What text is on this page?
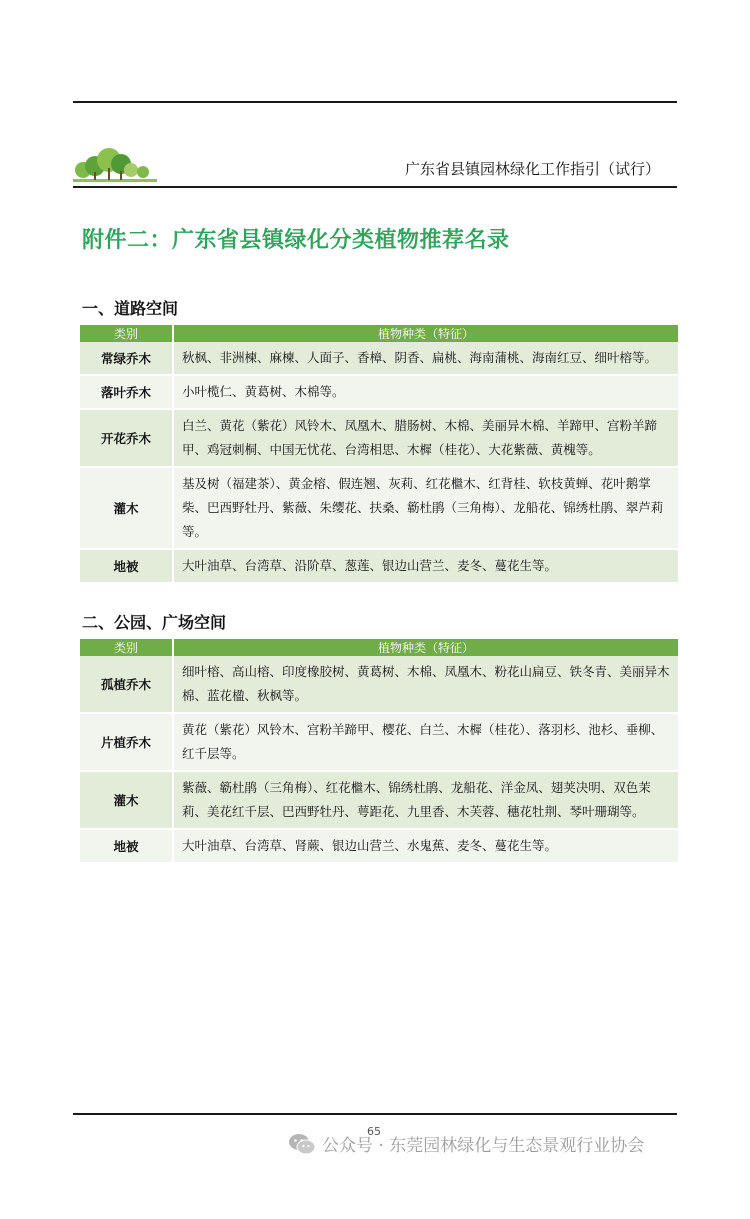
广东省县镇园林绿化工作指引（试行）
附件二：广东省县镇绿化分类植物推荐名录
一、道路空间
类别	植物种类（特征）
常绿乔木	秋枫、非洲楝、麻楝、人面子、香樟、阴香、扁桃、海南蒲桃、海南红豆、细叶榕等。
落叶乔木	小叶榄仁、黄葛树、木棉等。
开花乔木	白兰、黄花（紫花）风铃木、凤凰木、腊肠树、木棉、美丽异木棉、羊蹄甲、宫粉羊蹄甲、鸡冠刺桐、中国无忧花、台湾相思、木樨（桂花）、大花紫薇、黄槐等。
灌木	基及树（福建茶）、黄金榕、假连翘、灰莉、红花檵木、红背桂、软枝黄蝉、花叶鹅掌柴、巴西野牡丹、紫薇、朱缨花、扶桑、簕杜鹃（三角梅）、龙船花、锦绣杜鹃、翠芦莉等。
地被	大叶油草、台湾草、沿阶草、葱莲、银边山营兰、麦冬、蔓花生等。
二、公园、广场空间
类别	植物种类（特征）
孤植乔木	细叶榕、高山榕、印度橡胶树、黄葛树、木棉、凤凰木、粉花山扁豆、铁冬青、美丽异木棉、蓝花楹、秋枫等。
片植乔木	黄花（紫花）风铃木、宫粉羊蹄甲、樱花、白兰、木樨（桂花）、落羽杉、池杉、垂柳、红千层等。
灌木	紫薇、簕杜鹃（三角梅）、红花檵木、锦绣杜鹃、龙船花、洋金凤、翅荚决明、双色茉莉、美花红千层、巴西野牡丹、萼距花、九里香、木芙蓉、穗花牡荆、琴叶珊瑚等。
地被	大叶油草、台湾草、肾蕨、银边山营兰、水鬼蕉、麦冬、蔓花生等。
65
公众号 · 东莞园林绿化与生态景观行业协会
